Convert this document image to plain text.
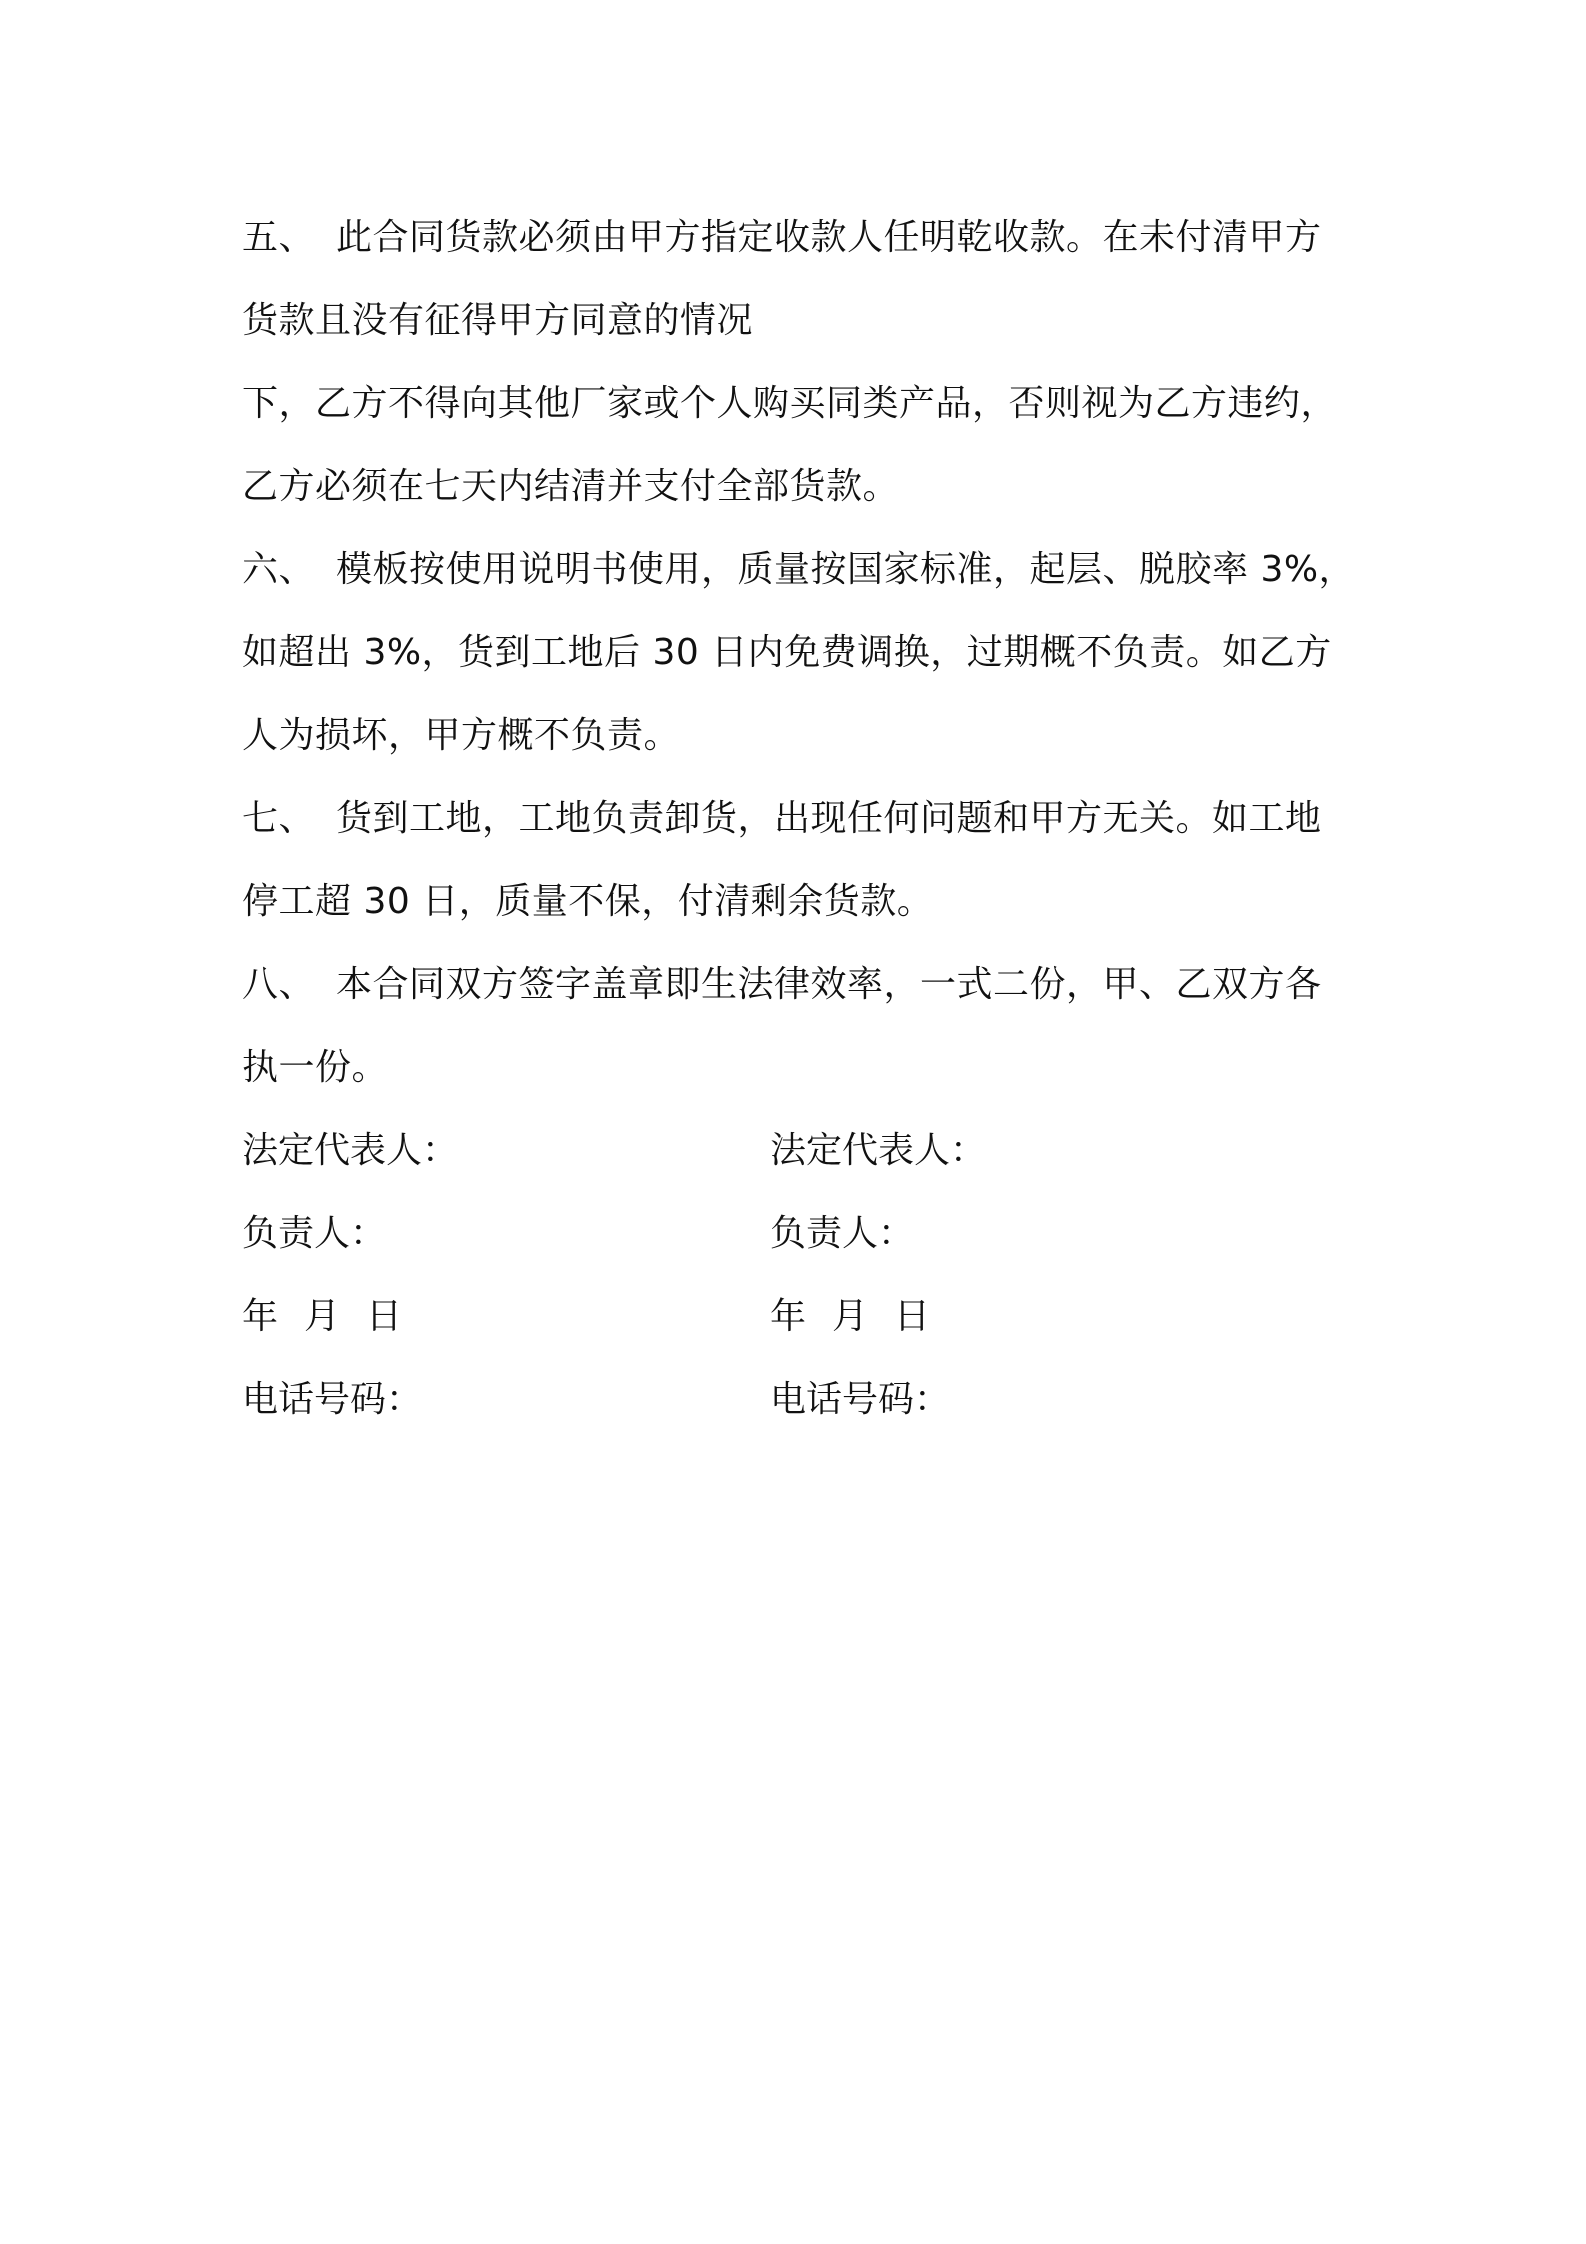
五、 此合同货款必须由甲方指定收款人任明乾收款。在未付清甲方
货款且没有征得甲方同意的情况
下，乙方不得向其他厂家或个人购买同类产品，否则视为乙方违约，
乙方必须在七天内结清并支付全部货款。
六、 模板按使用说明书使用，质量按国家标准，起层、脱胶率 3%，
如超出 3%，货到工地后 30 日内免费调换，过期概不负责。如乙方
人为损坏，甲方概不负责。
七、 货到工地，工地负责卸货，出现任何问题和甲方无关。如工地
停工超 30 日，质量不保，付清剩余货款。
八、 本合同双方签字盖章即生法律效率，一式二份，甲、乙双方各
执一份。
法定代表人：	法定代表人：
负责人：	负责人：
年 月 日	年 月 日
电话号码：	电话号码：
